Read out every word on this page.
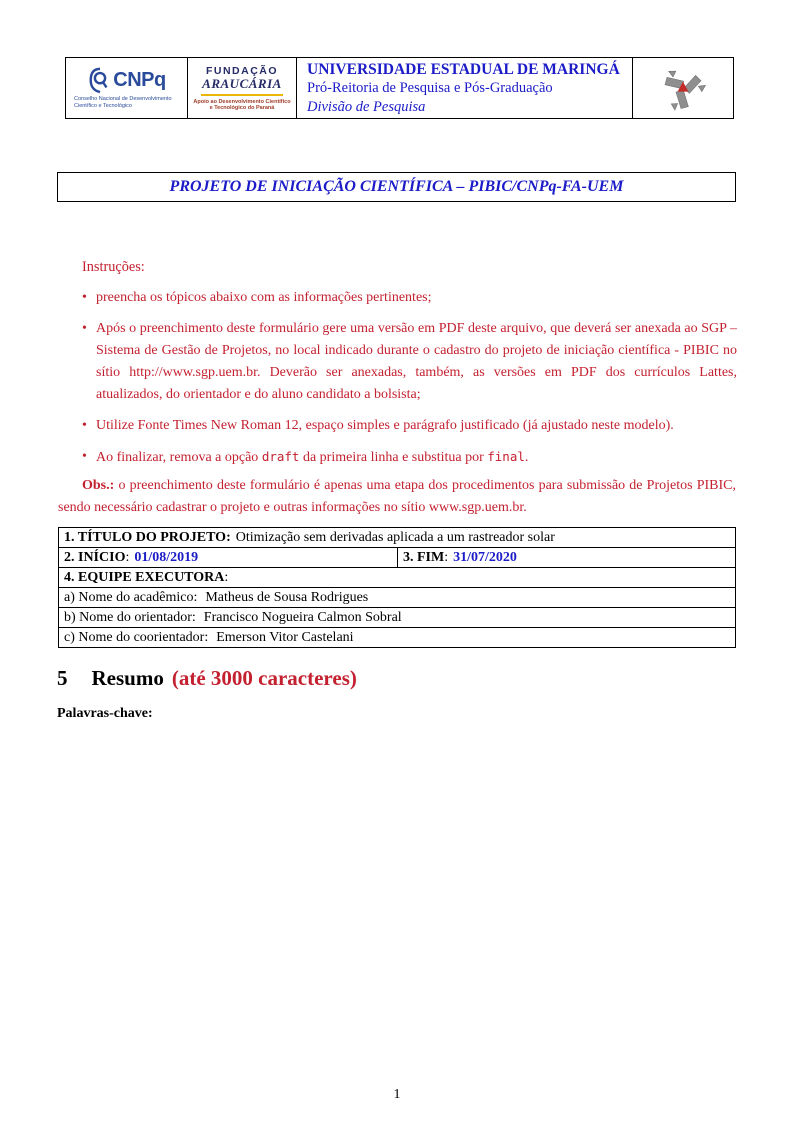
CNPq
Conselho Nacional de Desenvolvimento
Científico e Tecnológico
FUNDAÇÃO
ARAUCÁRIA
Apoio ao Desenvolvimento Científico
e Tecnológico do Paraná
UNIVERSIDADE ESTADUAL DE MARINGÁ
Pró-Reitoria de Pesquisa e Pós-Graduação
Divisão de Pesquisa
PROJETO DE INICIAÇÃO CIENTÍFICA – PIBIC/CNPq-FA-UEM
Instruções:
• preencha os tópicos abaixo com as informações pertinentes;
• Após o preenchimento deste formulário gere uma versão em PDF deste arquivo, que deverá ser anexada ao SGP – Sistema de Gestão de Projetos, no local indicado durante o cadastro do projeto de iniciação científica - PIBIC no sítio http://www.sgp.uem.br. Deverão ser anexadas, também, as versões em PDF dos currículos Lattes, atualizados, do orientador e do aluno candidato a bolsista;
• Utilize Fonte Times New Roman 12, espaço simples e parágrafo justificado (já ajustado neste modelo).
• Ao finalizar, remova a opção draft da primeira linha e substitua por final.

Obs.: o preenchimento deste formulário é apenas uma etapa dos procedimentos para submissão de Projetos PIBIC, sendo necessário cadastrar o projeto e outras informações no sítio www.sgp.uem.br.

1. TÍTULO DO PROJETO: Otimização sem derivadas aplicada a um rastreador solar
2. INÍCIO: 01/08/2019	3. FIM: 31/07/2020
4. EQUIPE EXECUTORA:
a) Nome do acadêmico: Matheus de Sousa Rodrigues
b) Nome do orientador: Francisco Nogueira Calmon Sobral
c) Nome do coorientador: Emerson Vitor Castelani
5 Resumo (até 3000 caracteres)
Palavras-chave:
1
